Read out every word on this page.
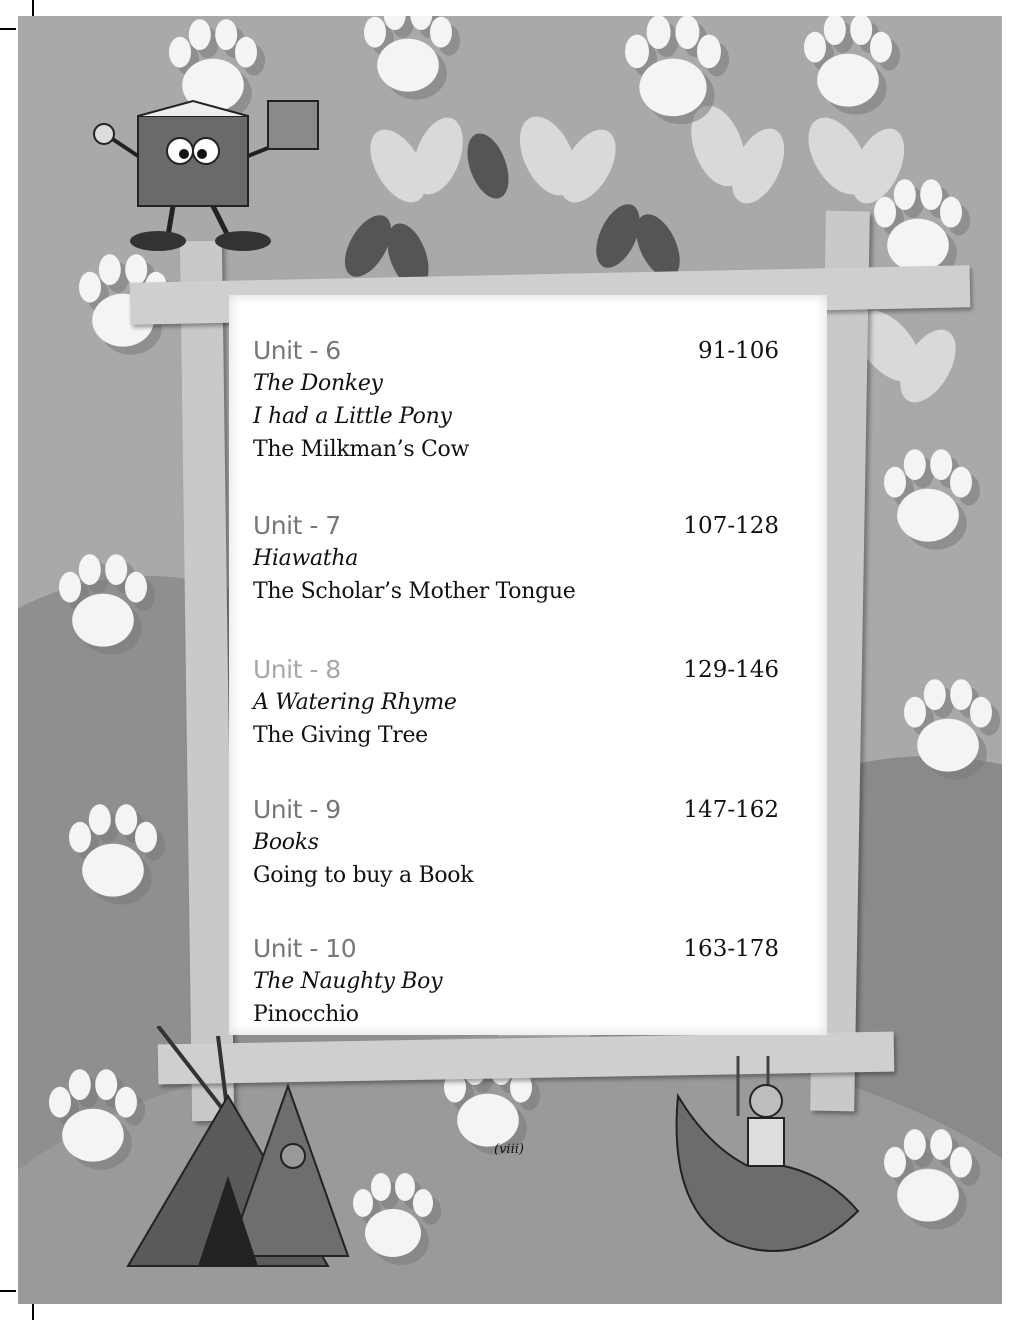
Unit - 6	91-106
The Donkey
I had a Little Pony
The Milkman’s Cow
Unit - 7	107-128
Hiawatha
The Scholar’s Mother Tongue
Unit - 8	129-146
A Watering Rhyme
The Giving Tree
Unit - 9	147-162
Books
Going to buy a Book
Unit - 10	163-178
The Naughty Boy
Pinocchio
(viii)
